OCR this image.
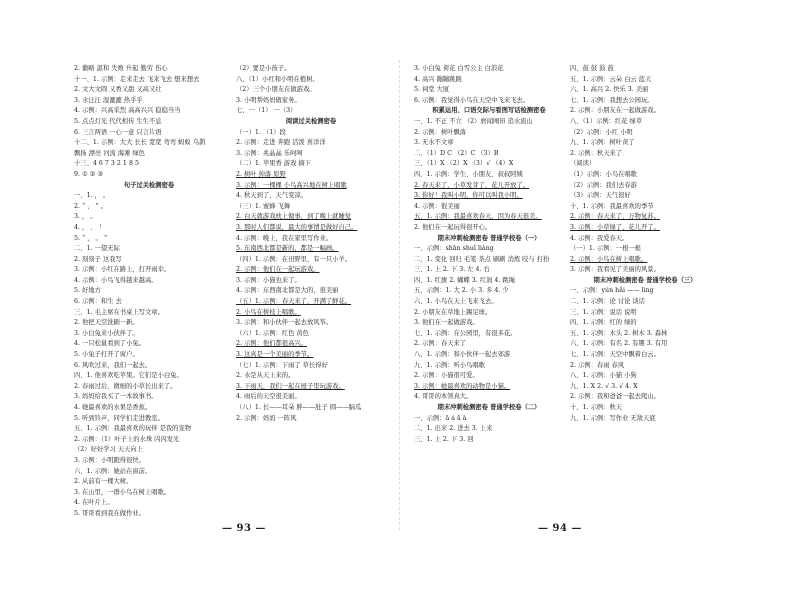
2. 徽略 温和 失败 升起 勤劳 伤心
十一、1. 示例：走来走去 飞来飞去 想来想去
2. 文大文圆 又香又甜 又高又壮
3. 水汪汪 湿漉漉 热乎乎
4. 示例：兴高采烈 高高兴兴 稳稳当当
5. 点点灯光 代代相传 生生不息
6. 三言两语 一心一意 只言片语
十二、1. 示例：大大 长长 宽宽 弯弯 蚂蚁 乌鹊
飘扬 漂亮 河流 海滩 绿色
十三、4 6 7 3 2 1 8 5
9. ① ② ③
句子过关检测密卷
一、1. ， 。
2. “ ， ” 。
3. ， 。
4. ， 、 ！
5. “ ， 。 ”
二、1. 一望无际
2. 刻刻子 这我写
3. 示例：小红在路上，打开雨伞。
4. 示例：小鸟飞得越来越高。
5. 好地方
6. 示例：和生 去
三、1. 毛主席在书桌上写文章。
2. 他把天空洗刷一新。
3. 小白兔来小伙伴了。
4. 一只松鼠看到了小兔。
5. 小兔子打开了窗户。
6. 风吹过来，我们一起去。
四、1. 他喜欢吃苹果。它们是小白兔。
2. 春雨过后，微细的小草长出来了。
3. 妈妈给我买了一本故事书。
4. 她最喜欢的水果是香蕉。
5. 听到铃声，同学们走进教室。
五、1. 示例：我最喜欢的玩伴 是我的宠物
2. 示例：（1）叶子上的水珠 闪闪发光
（2）好好学习 天天向上
3. 示例：小明跑得很快。
六、1. 示例：她站在窗前。
2. 从前有一棵大树。
3. 在山里，一群小鸟在树上唱歌。
4. 在叶片上。
5. 哥哥看到我在做作业。
（2）要是小孩子。
八、（1）小红和小明在植树。
（2）三个小朋友在做游戏。
3. 小明帮妈妈做家务。
七、一（1） 一（3）
阅读过关检测密卷
（一）1. （1）段
2. 示例：走进 奔跑 活泼 喜洋洋
3. 示例：兆晶晶 乐呵呵
（二）1. 苹果香 游戏 摘下
2. 树叶 掉落 原野
3. 示例：一棵棵 小鸟高兴地在树上唱歌
4. 秋天到了，天气变凉。
（三）1. 蜜蜂 飞舞
2. 白天就游戏枕上做事，到了晚上就睡觉
3. 那时人们都说，最大的事情是做好自己。
4. 示例：晚上，我在家里写作业。
5. 东南西北都是新的，都是一幅画。
（四）1. 示例：在田野里，有一只小羊。
2. 示例：他们在一起玩游戏。
3. 示例：小猫也来了。
4. 示例：东西南北都是大的，很美丽
（五）1. 示例：春天来了，开满了鲜花。
2. 小鸟在树枝上唱歌。
3. 示例：和小伙伴一起去放风筝。
（六）1. 示例：红色 黄色
2. 示例：他们都很高兴。
3. 这真是一个美丽的季节。
（七）1. 示例：下雨了 草长得好
2. 水是从天上来的。
3. 下雨天，我们一起在屋子里玩游戏。
4. 雨后的天空很美丽。
（八）1. 长——耳朵 胖——肚子 圆——脑瓜
2. 示例：妈妈 一阵风
3. 小白兔 荷花 白雪公主 白浪花
4. 高兴 蹦蹦跳跳
5. 祠堂 大厦
6. 示例：我觉得小鸟在天空中飞来飞去。
积累运用、口语交际与看图写话检测密卷
一、1. 不正 不立 （2）磨闻阐昂 追水流山
2. 示例：树叶飘落
3. 无水不文章
二、（1）D C （2）C （3）B
三、（1）X （2）X （3）√ （4）X
四、1. 示例：学生、小朋友、叔叔阿姨
2. 春天来了，小草发芽了，花儿开放了。
3. 你好！我叫小明，你可以叫我小明。
4. 示例：很美丽
五、1. 示例：我最喜欢春天，因为春天很美。
2. 他们在一起玩得很开心。
期末冲刺检测密卷 普通学校卷（一）
一、示例：shān shuǐ liàng
二、1. 变化 回归 毛笔 茶点 刷刷 消炼 咬与 打扮
三、1. 上 2. 下 3. 左 4. 右
四、1. 红旗 2. 蝴蝶 3. 红润 4. 跳绳
五、示例：1. 大 2. 小 3. 多 4. 少
六、1. 小鸟在天上飞来飞去。
2. 小朋友在草地上踢足球。
3. 他们在一起做游戏。
七、1. 示例：在公园里，有很多花。
2. 示例：春天来了
八、1. 示例：和小伙伴一起去郊游
九、1. 示例：听小鸟唱歌
2. 示例：小猫很可爱。
3. 示例：她最喜欢的动物是小猫。
4. 哥哥的本领真大。
期末冲刺检测密卷 普通学校卷（二）
一、示例：ā á ǎ à
二、1. 出来 2. 进去 3. 上来
三、1. 上 2. 下 3. 回
四、鼓 鼓 鼓 鼓
五、1. 示例：云朵 白云 蓝天
六、1. 高兴 2. 快乐 3. 美丽
七、1. 示例：我想去公园玩。
2. 示例：小朋友在一起做游戏。
八、（1）示例：红花 绿草
（2）示例：小红 小明
九、1. 示例：树叶黄了
2. 示例：秋天来了
（阅读）
（1）示例：小鸟在唱歌
（2）示例：我们去春游
（3）示例：天气很好
十、1. 示例：我最喜欢的季节
2. 示例：春天来了，万物复苏。
3. 示例：小草绿了，花儿开了。
4. 示例：我爱春天。
（一）1. 示例：一根一根
2. 示例：小鸟在树上唱歌。
3. 示例：我看见了美丽的风景。
期末冲刺检测密卷 普通学校卷（三）
一、示例：yún hǎi —— ling
二、1. 示例：论 讨论 谈话
三、1. 示例：说话 说明
四、1. 示例：红的 绿的
五、1. 示例：木头 2. 树木 3. 森林
六、1. 示例：有名 2. 有趣 3. 有用
七、1. 示例：天空中飘着白云。
2. 示例：春雨 春风
八、1. 示例：小猫 小狗
九、1. X 2. √ 3. √ 4. X
2. 示例：我和爸爸一起去爬山。
十、1. 示例：秋天
九、1. 示例：写作业 无敌天底
— 93 —	— 94 —
